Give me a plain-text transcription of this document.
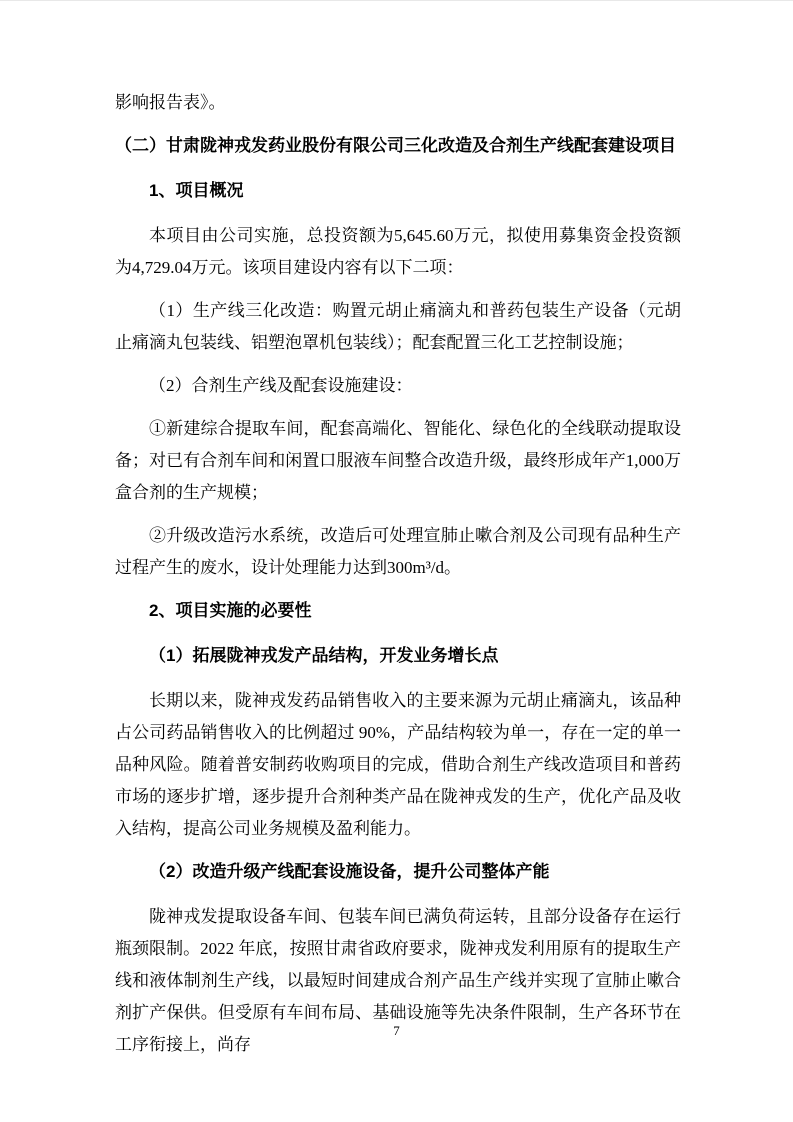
影响报告表》。

（二）甘肃陇神戎发药业股份有限公司三化改造及合剂生产线配套建设项目
1、项目概况

本项目由公司实施，总投资额为5,645.60万元，拟使用募集资金投资额为4,729.04万元。该项目建设内容有以下二项：

（1）生产线三化改造：购置元胡止痛滴丸和普药包装生产设备（元胡止痛滴丸包装线、铝塑泡罩机包装线）；配套配置三化工艺控制设施；

（2）合剂生产线及配套设施建设：

①新建综合提取车间，配套高端化、智能化、绿色化的全线联动提取设备；对已有合剂车间和闲置口服液车间整合改造升级，最终形成年产1,000万盒合剂的生产规模；

②升级改造污水系统，改造后可处理宣肺止嗽合剂及公司现有品种生产过程产生的废水，设计处理能力达到300m³/d。

2、项目实施的必要性
（1）拓展陇神戎发产品结构，开发业务增长点

长期以来，陇神戎发药品销售收入的主要来源为元胡止痛滴丸，该品种占公司药品销售收入的比例超过 90%，产品结构较为单一，存在一定的单一品种风险。随着普安制药收购项目的完成，借助合剂生产线改造项目和普药市场的逐步扩增，逐步提升合剂种类产品在陇神戎发的生产，优化产品及收入结构，提高公司业务规模及盈利能力。

（2）改造升级产线配套设施设备，提升公司整体产能

陇神戎发提取设备车间、包装车间已满负荷运转，且部分设备存在运行瓶颈限制。2022 年底，按照甘肃省政府要求，陇神戎发利用原有的提取生产线和液体制剂生产线，以最短时间建成合剂产品生产线并实现了宣肺止嗽合剂扩产保供。但受原有车间布局、基础设施等先决条件限制，生产各环节在工序衔接上，尚存

7
